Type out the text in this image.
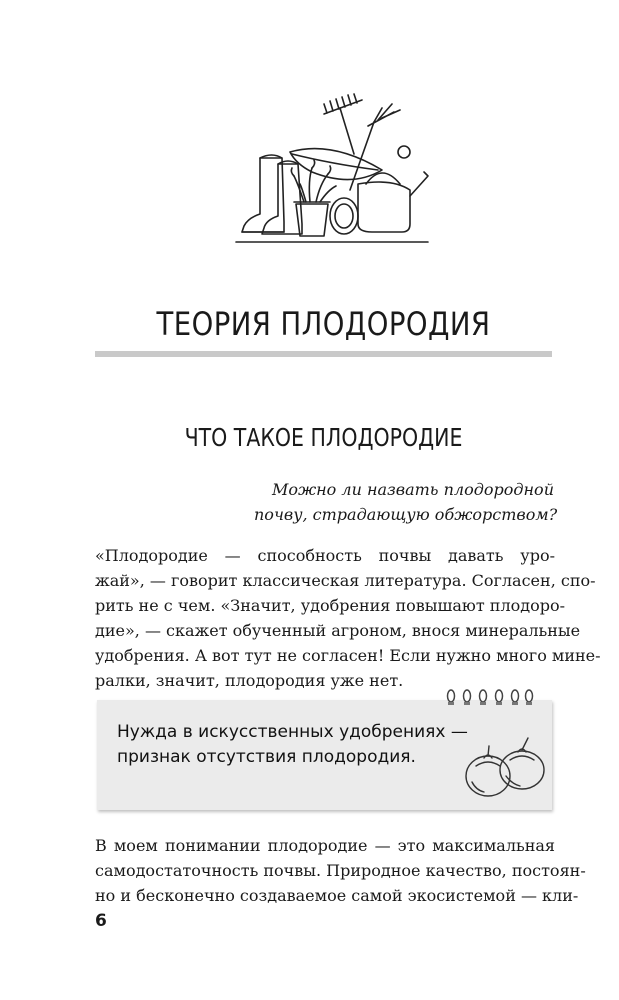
ТЕОРИЯ ПЛОДОРОДИЯ
ЧТО ТАКОЕ ПЛОДОРОДИЕ
Можно ли назвать плодородной
почву, страдающую обжорством?
«Плодородие — способность почвы давать уро-
жай», — говорит классическая литература. Согласен, спо-
рить не с чем. «Значит, удобрения повышают плодоро-
дие», — скажет обученный агроном, внося минеральные
удобрения. А вот тут не согласен! Если нужно много мине-
ралки, значит, плодородия уже нет.
Нужда в искусственных удобрениях —
признак отсутствия плодородия.
В моем понимании плодородие — это максимальная
самодостаточность почвы. Природное качество, постоян-
но и бесконечно создаваемое самой экосистемой — кли-
6
